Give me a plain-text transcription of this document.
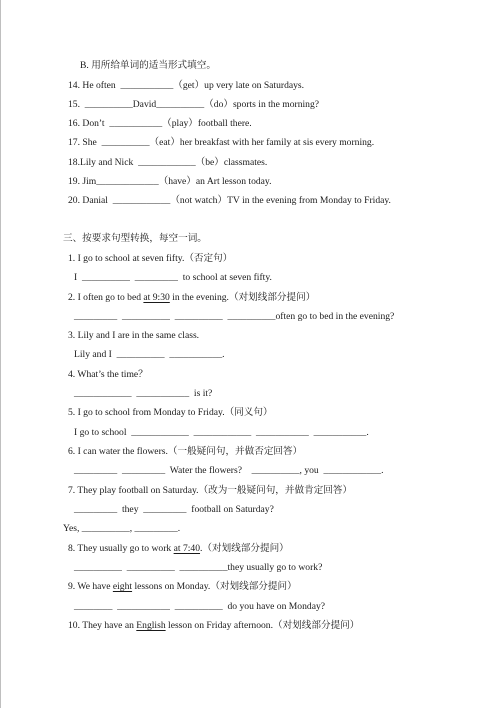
B. 用所给单词的适当形式填空。
14. He often  ___________（get）up very late on Saturdays.
15.  __________David__________（do）sports in the morning?
16. Don’t  ___________（play）football there.
17. She  __________（eat）her breakfast with her family at sis every morning.
18.Lily and Nick  ____________（be）classmates.
19. Jim_____________（have）an Art lesson today.
20. Danial  ____________（not watch）TV in the evening from Monday to Friday.
三、按要求句型转换，每空一词。
1. I go to school at seven fifty.（否定句）
I  __________  _________  to school at seven fifty.
2. I often go to bed at 9:30 in the evening.（对划线部分提问）
_________  __________  __________  __________often go to bed in the evening?
3. Lily and I are in the same class.
Lily and I  __________  ___________.
4. What’s the time？
____________  ___________  is it?
5. I go to school from Monday to Friday.（同义句）
I go to school  ____________  ____________  ___________  ___________.
6. I can water the flowers.（一般疑问句，并做否定回答）
_________  _________  Water the flowers?    __________, you  ____________.
7. They play football on Saturday.（改为一般疑问句，并做肯定回答）
_________  they  _________  football on Saturday?
Yes, __________, _________.
8. They usually go to work at 7:40.（对划线部分提问）
__________  __________  __________they usually go to work?
9. We have eight lessons on Monday.（对划线部分提问）
________  ___________  __________  do you have on Monday?
10. They have an English lesson on Friday afternoon.（对划线部分提问）
